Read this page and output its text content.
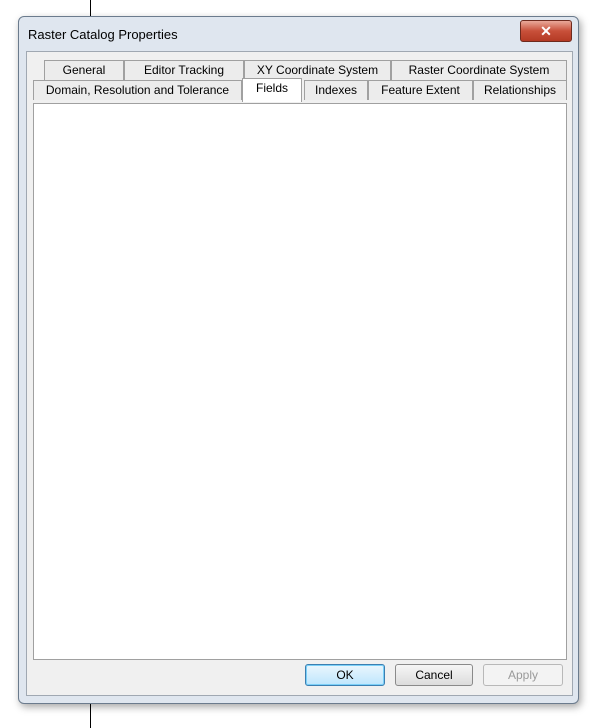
Raster Catalog Properties	✕
General	Editor Tracking	XY Coordinate System	Raster Coordinate System
Domain, Resolution and Tolerance	Fields	Indexes	Feature Extent	Relationships
OK	Cancel	Apply
